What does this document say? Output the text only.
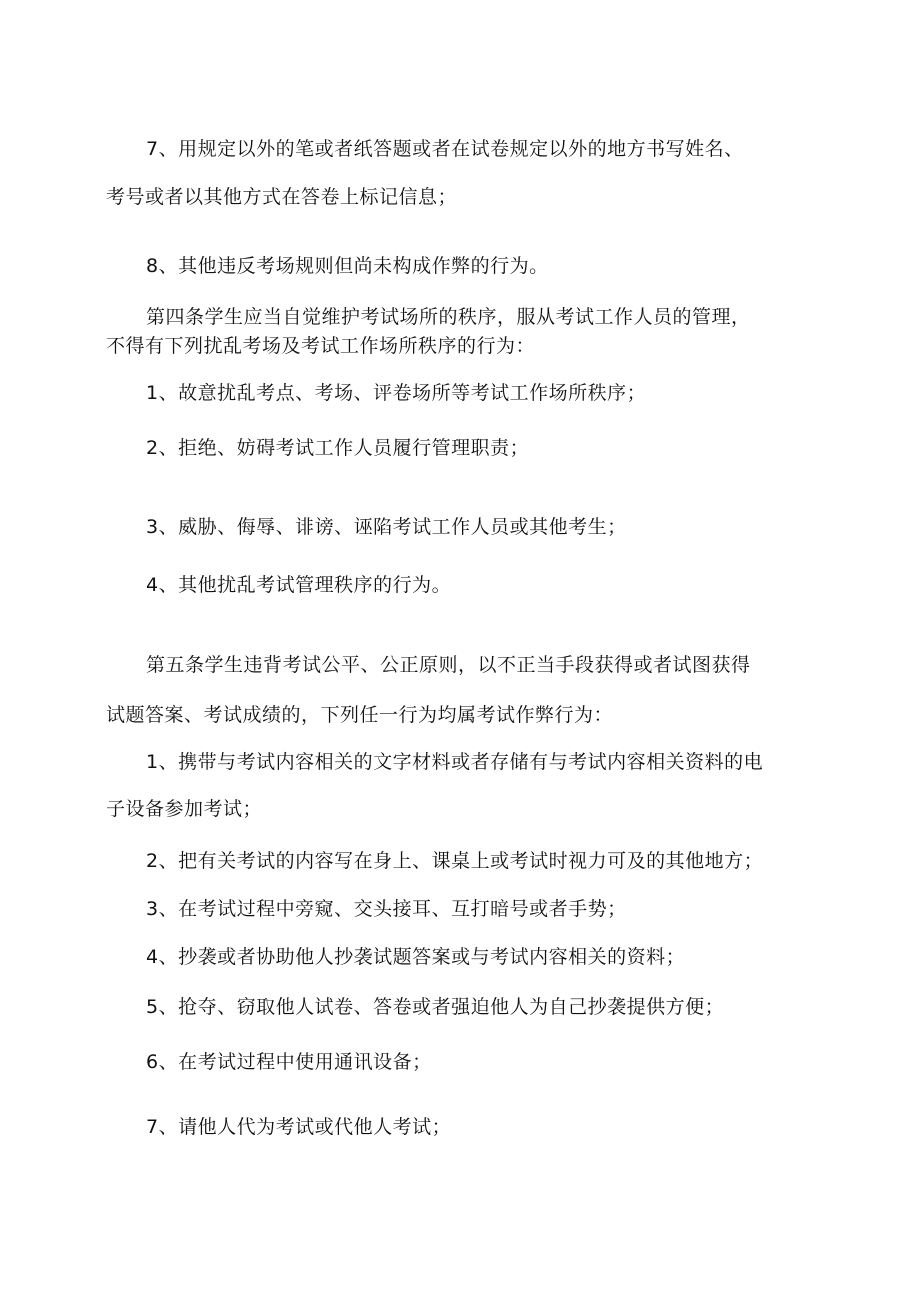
7、用规定以外的笔或者纸答题或者在试卷规定以外的地方书写姓名、
考号或者以其他方式在答卷上标记信息；
8、其他违反考场规则但尚未构成作弊的行为。
第四条学生应当自觉维护考试场所的秩序，服从考试工作人员的管理，
不得有下列扰乱考场及考试工作场所秩序的行为：
1、故意扰乱考点、考场、评卷场所等考试工作场所秩序；
2、拒绝、妨碍考试工作人员履行管理职责；
3、威胁、侮辱、诽谤、诬陷考试工作人员或其他考生；
4、其他扰乱考试管理秩序的行为。
第五条学生违背考试公平、公正原则，以不正当手段获得或者试图获得
试题答案、考试成绩的，下列任一行为均属考试作弊行为：
1、携带与考试内容相关的文字材料或者存储有与考试内容相关资料的电
子设备参加考试；
2、把有关考试的内容写在身上、课桌上或考试时视力可及的其他地方；
3、在考试过程中旁窥、交头接耳、互打暗号或者手势；
4、抄袭或者协助他人抄袭试题答案或与考试内容相关的资料；
5、抢夺、窃取他人试卷、答卷或者强迫他人为自己抄袭提供方便；
6、在考试过程中使用通讯设备；
7、请他人代为考试或代他人考试；
